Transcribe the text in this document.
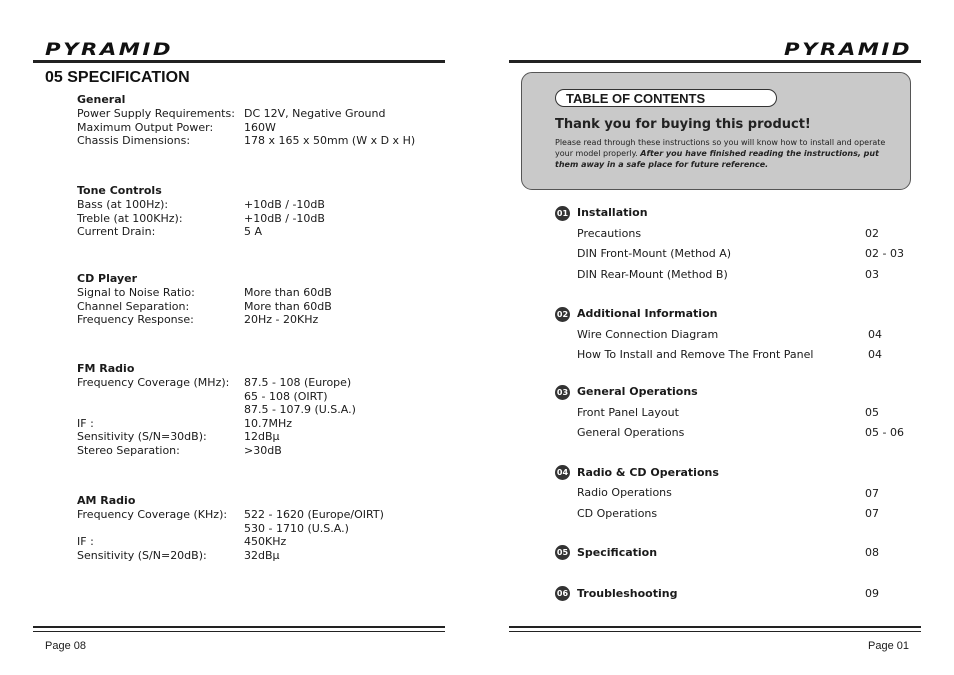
PYRAMID
05 SPECIFICATION
General
Power Supply Requirements: DC 12V, Negative Ground
Maximum Output Power:	160W
Chassis Dimensions:	178 x 165 x 50mm (W x D x H)
Tone Controls
Bass (at 100Hz):	+10dB / -10dB
Treble (at 100KHz):	+10dB / -10dB
Current Drain:	5 A
CD Player
Signal to Noise Ratio:	More than 60dB
Channel Separation:	More than 60dB
Frequency Response:	20Hz - 20KHz
FM Radio
Frequency Coverage (MHz):	87.5 - 108 (Europe)
65 - 108 (OIRT)
87.5 - 107.9 (U.S.A.)
IF :	10.7MHz
Sensitivity (S/N=30dB):	12dBμ
Stereo Separation:	>30dB
AM Radio
Frequency Coverage (KHz):	522 - 1620 (Europe/OIRT)
530 - 1710 (U.S.A.)
IF :	450KHz
Sensitivity (S/N=20dB):	32dBμ
Page 08
PYRAMID
TABLE OF CONTENTS
Thank you for buying this product!
Please read through these instructions so you will know how to install and operate your model properly. After you have finished reading the instructions, put them away in a safe place for future reference.
01 Installation
Precautions	02
DIN Front-Mount (Method A)	02 - 03
DIN Rear-Mount (Method B)	03
02 Additional Information
Wire Connection Diagram	04
How To Install and Remove The Front Panel	04
03 General Operations
Front Panel Layout	05
General Operations	05 - 06
04 Radio & CD Operations
Radio Operations	07
CD Operations	07
05 Specification	08
06 Troubleshooting	09
Page 01
